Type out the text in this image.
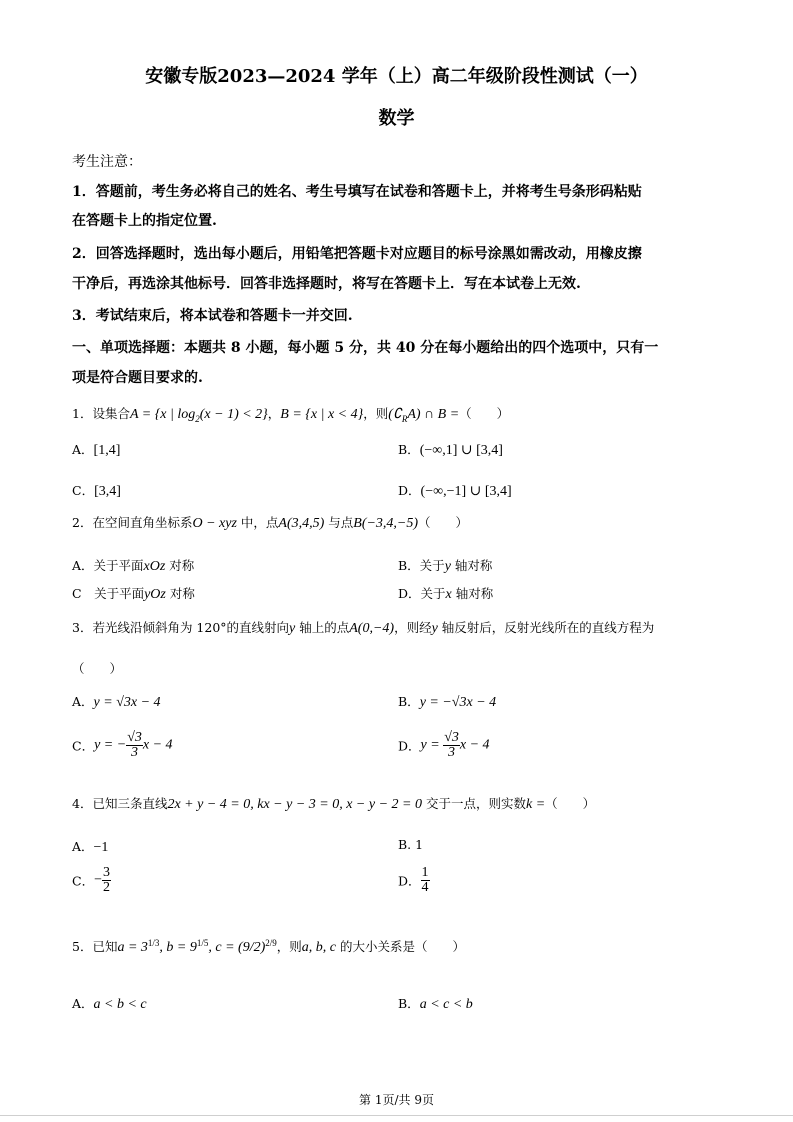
安徽专版2023—2024 学年（上）高二年级阶段性测试（一）
数学
考生注意：
1．答题前，考生务必将自己的姓名、考生号填写在试卷和答题卡上，并将考生号条形码粘贴
在答题卡上的指定位置.
2．回答选择题时，选出每小题后，用铅笔把答题卡对应题目的标号涂黑如需改动，用橡皮擦
干净后，再选涂其他标号．回答非选择题时，将写在答题卡上．写在本试卷上无效.
3．考试结束后，将本试卷和答题卡一并交回.
一、单项选择题：本题共 8 小题，每小题 5 分，共 40 分在每小题给出的四个选项中，只有一
项是符合题目要求的.
1．设集合A = {x | $\log_2(x - 1) < 2$}，B = {x | x < 4}，则$(∁_RA)$ ∩ B =（　　）
A．[1,4]	B．(−∞,1] ∪ [3,4]
C．[3,4]	D．(−∞,−1] ∪ [3,4]
2．在空间直角坐标系O − xyz 中，点A(3,4,5) 与点B(−3,4,−5)（　　）
A．关于平面xOz 对称	B．关于y 轴对称
C　关于平面yOz 对称	D．关于x 轴对称
3．若光线沿倾斜角为 120°的直线射向y 轴上的点A(0,−4)，则经y 轴反射后，反射光线所在的直线方程为
（　　）
A．y = √3x − 4	B．y = −√3x − 4
C．y = − $\frac{√3}{3}$ x − 4	D．$y = \frac{√3}{3}$ x − 4
4．已知三条直线2x + y − 4 = 0, kx − y − 3 = 0, x − y − 2 = 0 交于一点，则实数k =（　　）
A．−1	B. 1
C．− $\frac{3}{2}$	D． $\frac{1}{4}$
5．已知$a = 3^{1/3}$, $b = 9^{1/5}$, $c = (9/2)^{2/9}$，则a, b, c 的大小关系是（　　）
A．a < b < c	B．a < c < b
第 1页/共 9页
